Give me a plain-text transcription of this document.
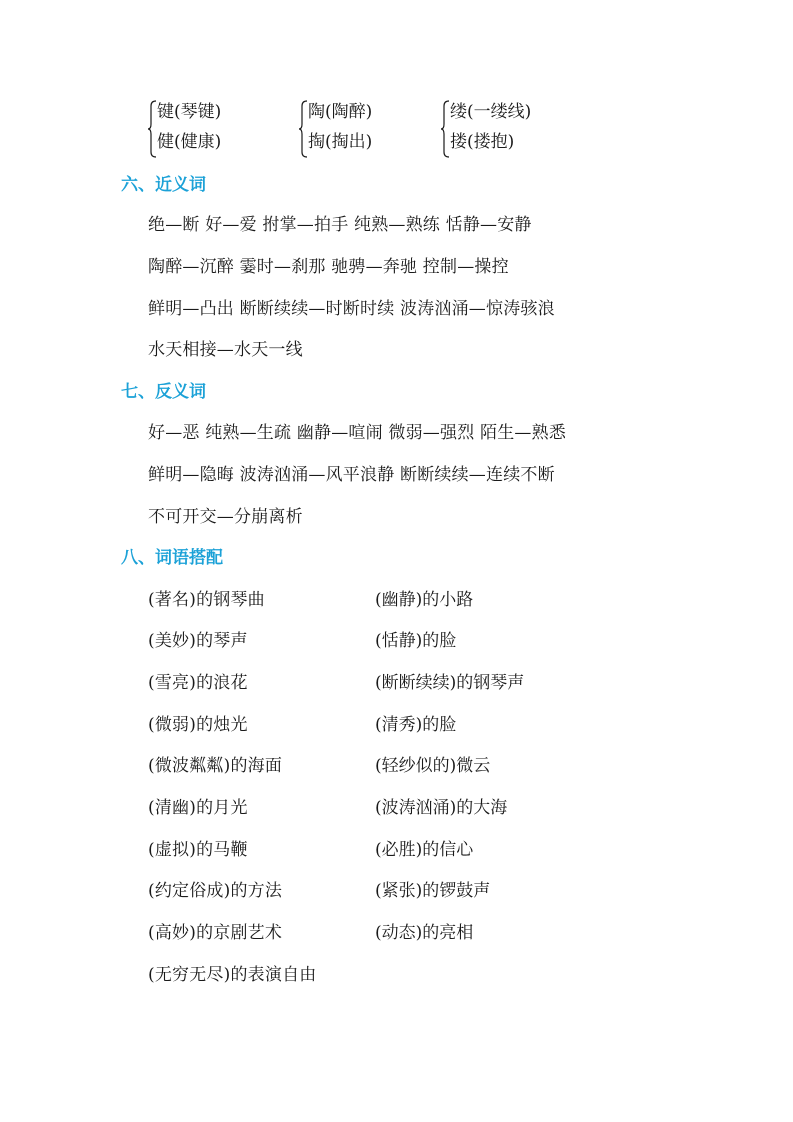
键(琴键)
健(健康)
陶(陶醉)
掏(掏出)
缕(一缕线)
搂(搂抱)
六、近义词
绝—断 好—爱 拊掌—拍手 纯熟—熟练 恬静—安静
陶醉—沉醉 霎时—刹那 驰骋—奔驰 控制—操控
鲜明—凸出 断断续续—时断时续 波涛汹涌—惊涛骇浪
水天相接—水天一线
七、反义词
好—恶 纯熟—生疏 幽静—喧闹 微弱—强烈 陌生—熟悉
鲜明—隐晦 波涛汹涌—风平浪静 断断续续—连续不断
不可开交—分崩离析
八、词语搭配
(著名)的钢琴曲	(幽静)的小路
(美妙)的琴声	(恬静)的脸
(雪亮)的浪花	(断断续续)的钢琴声
(微弱)的烛光	(清秀)的脸
(微波粼粼)的海面	(轻纱似的)微云
(清幽)的月光	(波涛汹涌)的大海
(虚拟)的马鞭	(必胜)的信心
(约定俗成)的方法	(紧张)的锣鼓声
(高妙)的京剧艺术	(动态)的亮相
(无穷无尽)的表演自由
